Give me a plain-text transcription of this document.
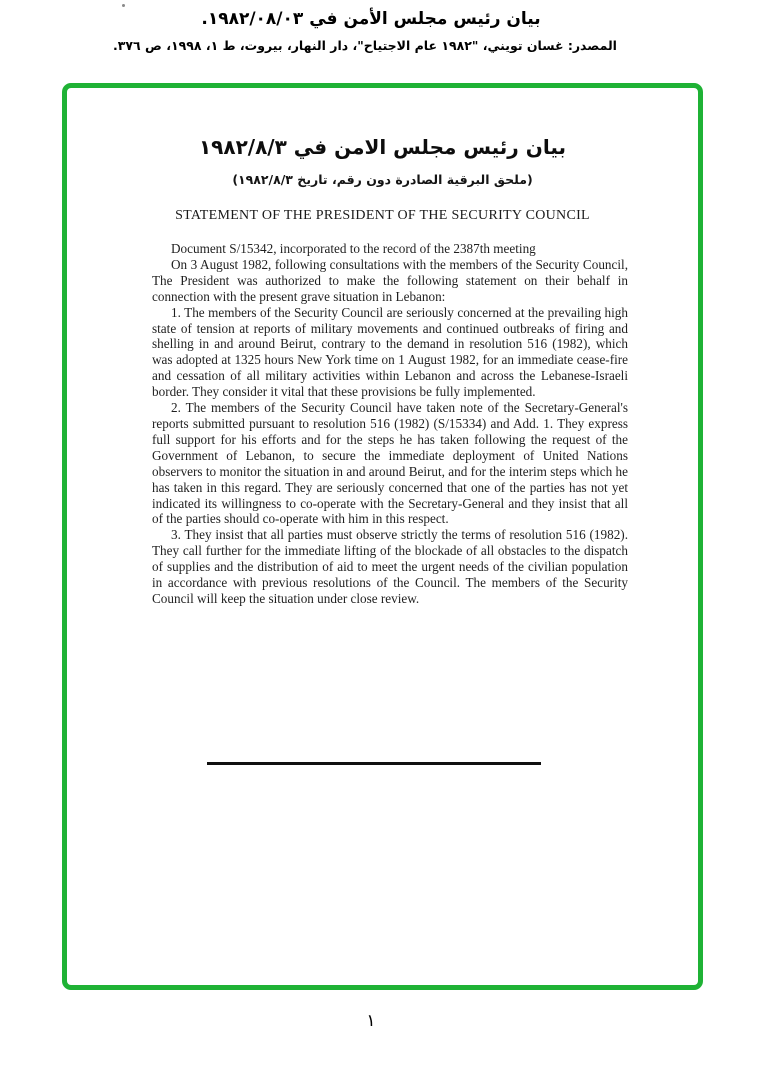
بيان رئيس مجلس الأمن في ١٩٨٢/٠٨/٠٣.
المصدر: غسان تويني، "١٩٨٢ عام الاجتياح"، دار النهار، بيروت، ط ١، ١٩٩٨، ص ٣٧٦.
بيان رئيس مجلس الامن في ١٩٨٢/٨/٣
(ملحق البرقية الصادرة دون رقم، تاريخ ١٩٨٢/٨/٣)
STATEMENT OF THE PRESIDENT OF THE SECURITY COUNCIL

Document S/15342, incorporated to the record of the 2387th meeting

On 3 August 1982, following consultations with the members of the Security Council, The President was authorized to make the following statement on their behalf in connection with the present grave situation in Lebanon:

1. The members of the Security Council are seriously concerned at the prevailing high state of tension at reports of military movements and continued outbreaks of firing and shelling in and around Beirut, contrary to the demand in resolution 516 (1982), which was adopted at 1325 hours New York time on 1 August 1982, for an immediate cease-fire and cessation of all military activities within Lebanon and across the Lebanese-Israeli border. They consider it vital that these provisions be fully implemented.

2. The members of the Security Council have taken note of the Secretary-General's reports submitted pursuant to resolution 516 (1982) (S/15334) and Add. 1. They express full support for his efforts and for the steps he has taken following the request of the Government of Lebanon, to secure the immediate deployment of United Nations observers to monitor the situation in and around Beirut, and for the interim steps which he has taken in this regard. They are seriously concerned that one of the parties has not yet indicated its willingness to co-operate with the Secretary-General and they insist that all of the parties should co-operate with him in this respect.

3. They insist that all parties must observe strictly the terms of resolution 516 (1982). They call further for the immediate lifting of the blockade of all obstacles to the dispatch of supplies and the distribution of aid to meet the urgent needs of the civilian population in accordance with previous resolutions of the Council. The members of the Security Council will keep the situation under close review.

١
